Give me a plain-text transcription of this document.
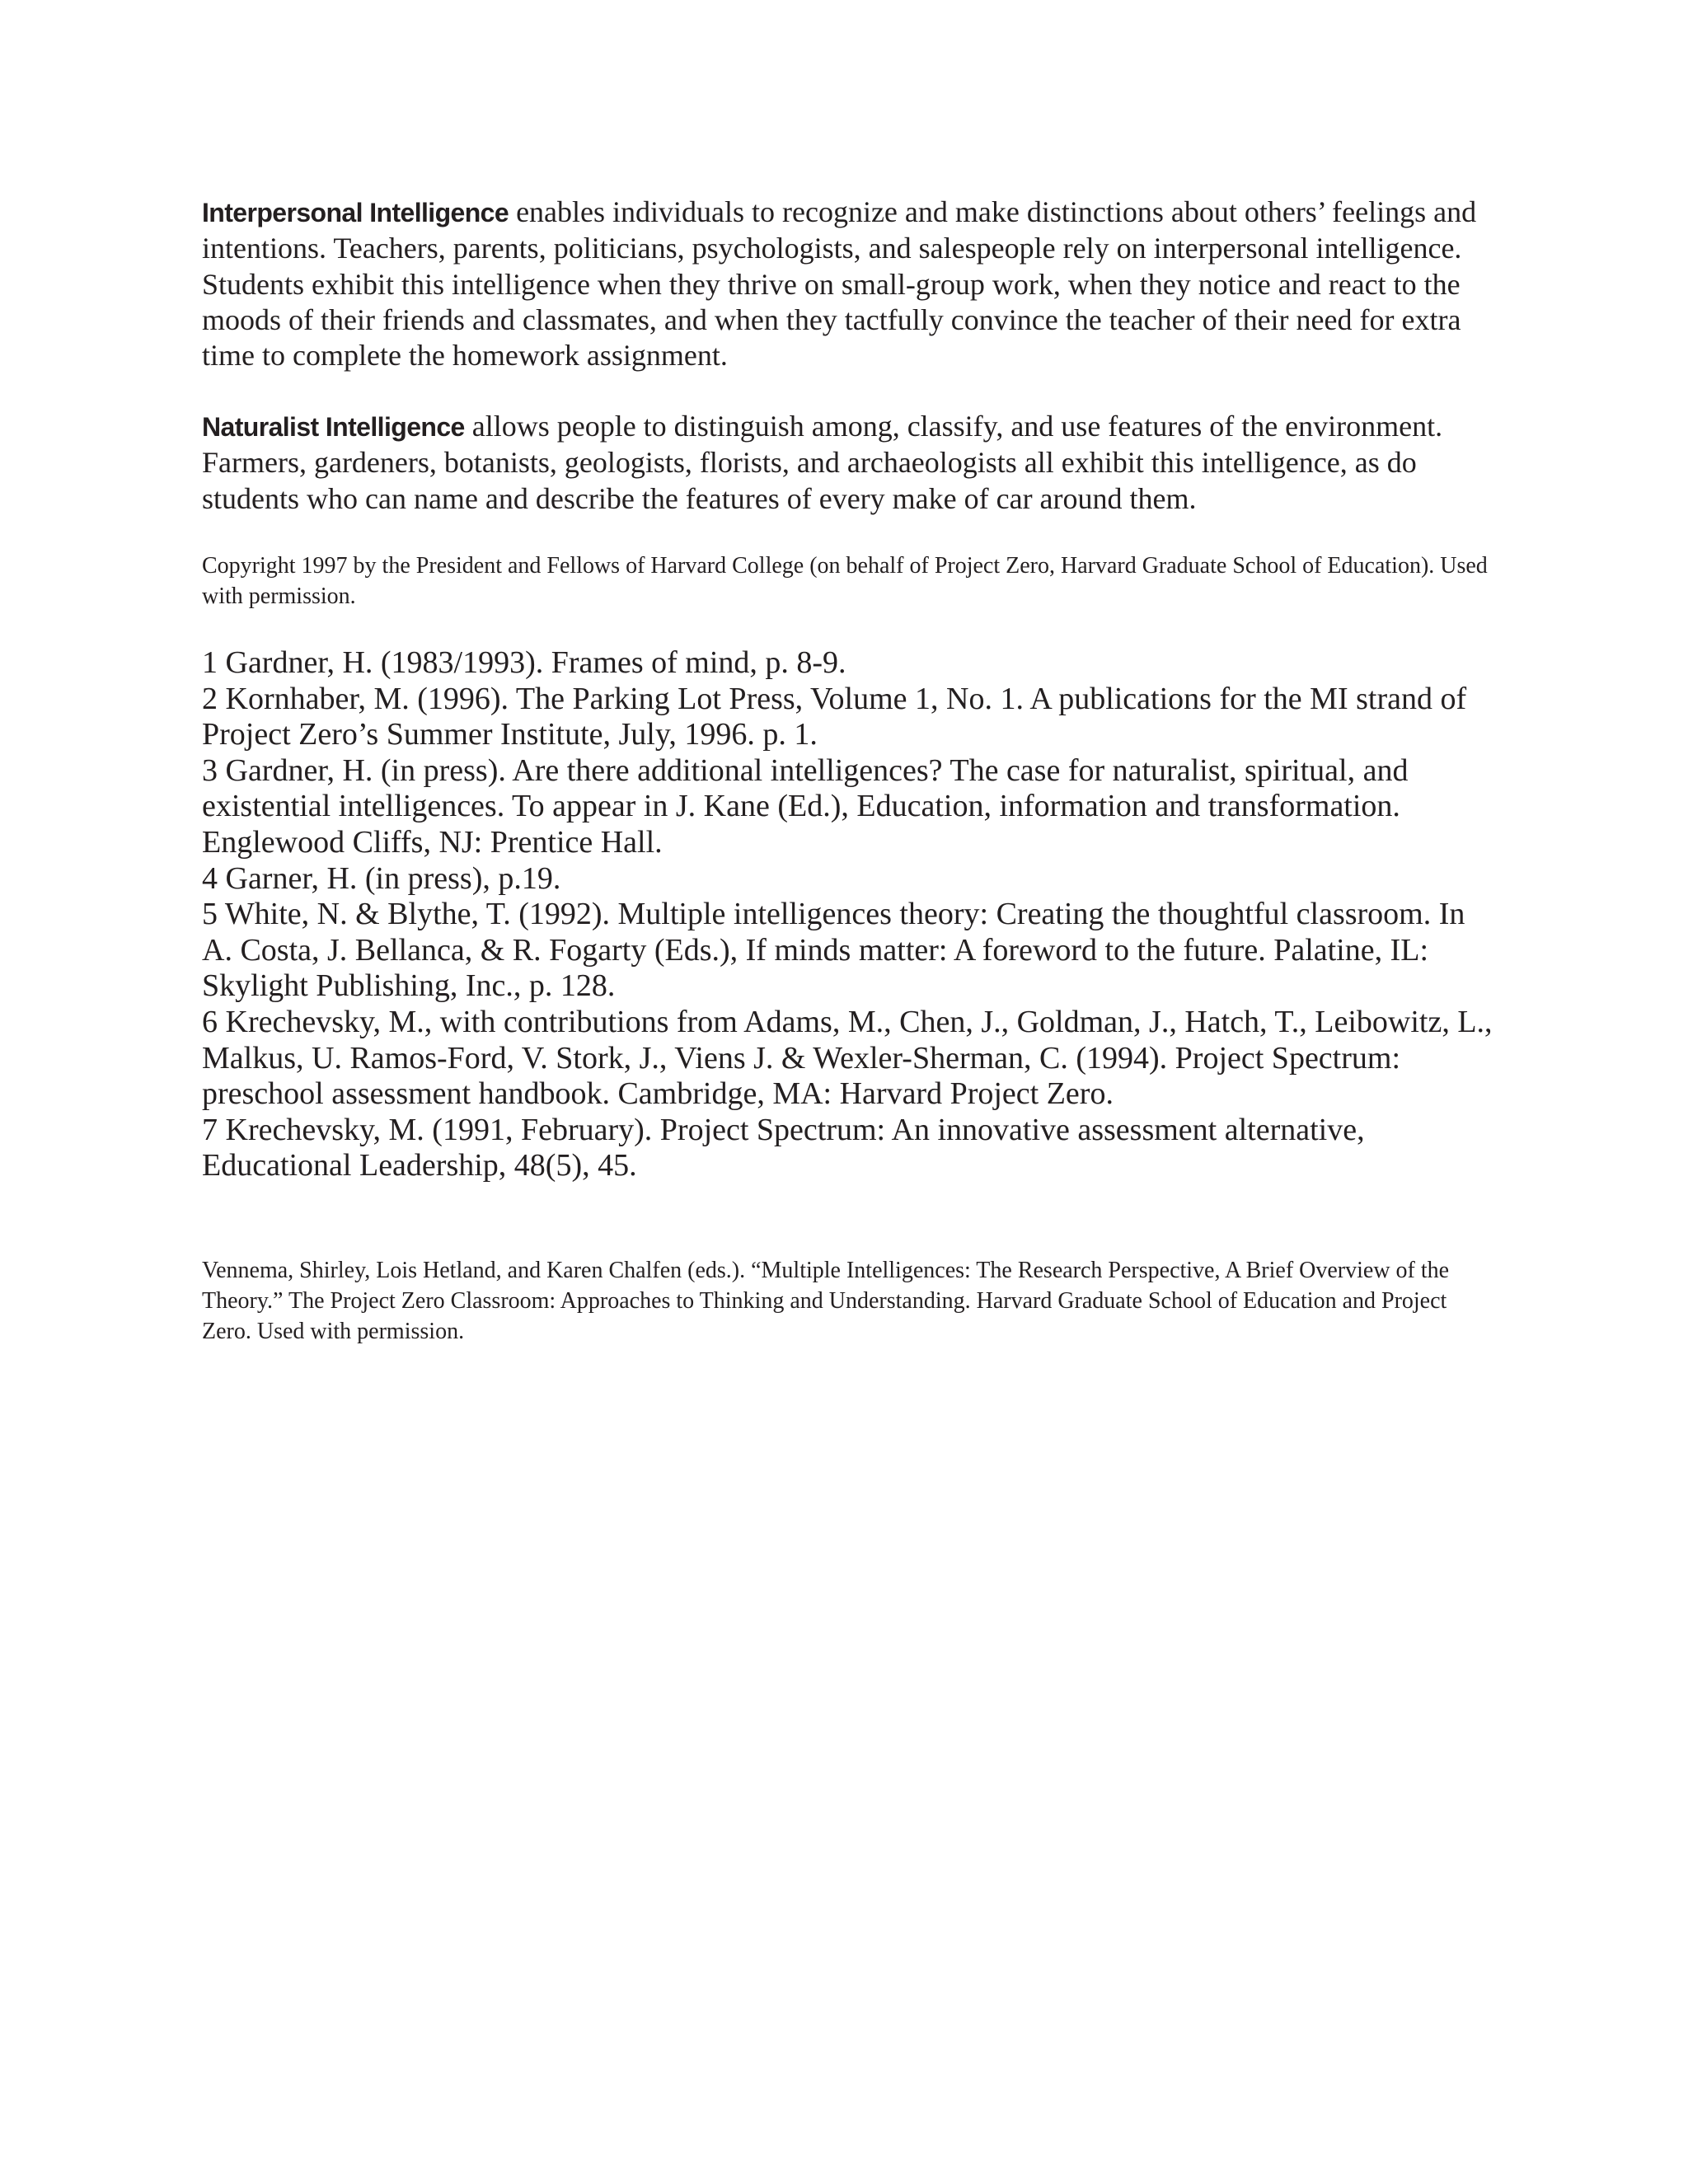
Interpersonal Intelligence enables individuals to recognize and make distinctions about others’ feelings and intentions. Teachers, parents, politicians, psychologists, and salespeople rely on interpersonal intelligence. Students exhibit this intelligence when they thrive on small-group work, when they notice and react to the moods of their friends and classmates, and when they tactfully convince the teacher of their need for extra time to complete the homework assignment.

Naturalist Intelligence allows people to distinguish among, classify, and use features of the environment. Farmers, gardeners, botanists, geologists, florists, and archaeologists all exhibit this intelligence, as do students who can name and describe the features of every make of car around them.

Copyright 1997 by the President and Fellows of Harvard College (on behalf of Project Zero, Harvard Graduate School of Education). Used with permission.

1 Gardner, H. (1983/1993). Frames of mind, p. 8-9.
2 Kornhaber, M. (1996). The Parking Lot Press, Volume 1, No. 1. A publications for the MI strand of Project Zero’s Summer Institute, July, 1996. p. 1.
3 Gardner, H. (in press). Are there additional intelligences? The case for naturalist, spiritual, and existential intelligences. To appear in J. Kane (Ed.), Education, information and transformation. Englewood Cliffs, NJ: Prentice Hall.
4 Garner, H. (in press), p.19.
5 White, N. & Blythe, T. (1992). Multiple intelligences theory: Creating the thoughtful classroom. In A. Costa, J. Bellanca, & R. Fogarty (Eds.), If minds matter: A foreword to the future. Palatine, IL: Skylight Publishing, Inc., p. 128.
6 Krechevsky, M., with contributions from Adams, M., Chen, J., Goldman, J., Hatch, T., Leibowitz, L., Malkus, U. Ramos-Ford, V. Stork, J., Viens J. & Wexler-Sherman, C. (1994). Project Spectrum: preschool assessment handbook. Cambridge, MA: Harvard Project Zero.
7 Krechevsky, M. (1991, February). Project Spectrum: An innovative assessment alternative, Educational Leadership, 48(5), 45.

Vennema, Shirley, Lois Hetland, and Karen Chalfen (eds.). “Multiple Intelligences: The Research Perspective, A Brief Overview of the Theory.” The Project Zero Classroom: Approaches to Thinking and Understanding. Harvard Graduate School of Education and Project Zero. Used with permission.
